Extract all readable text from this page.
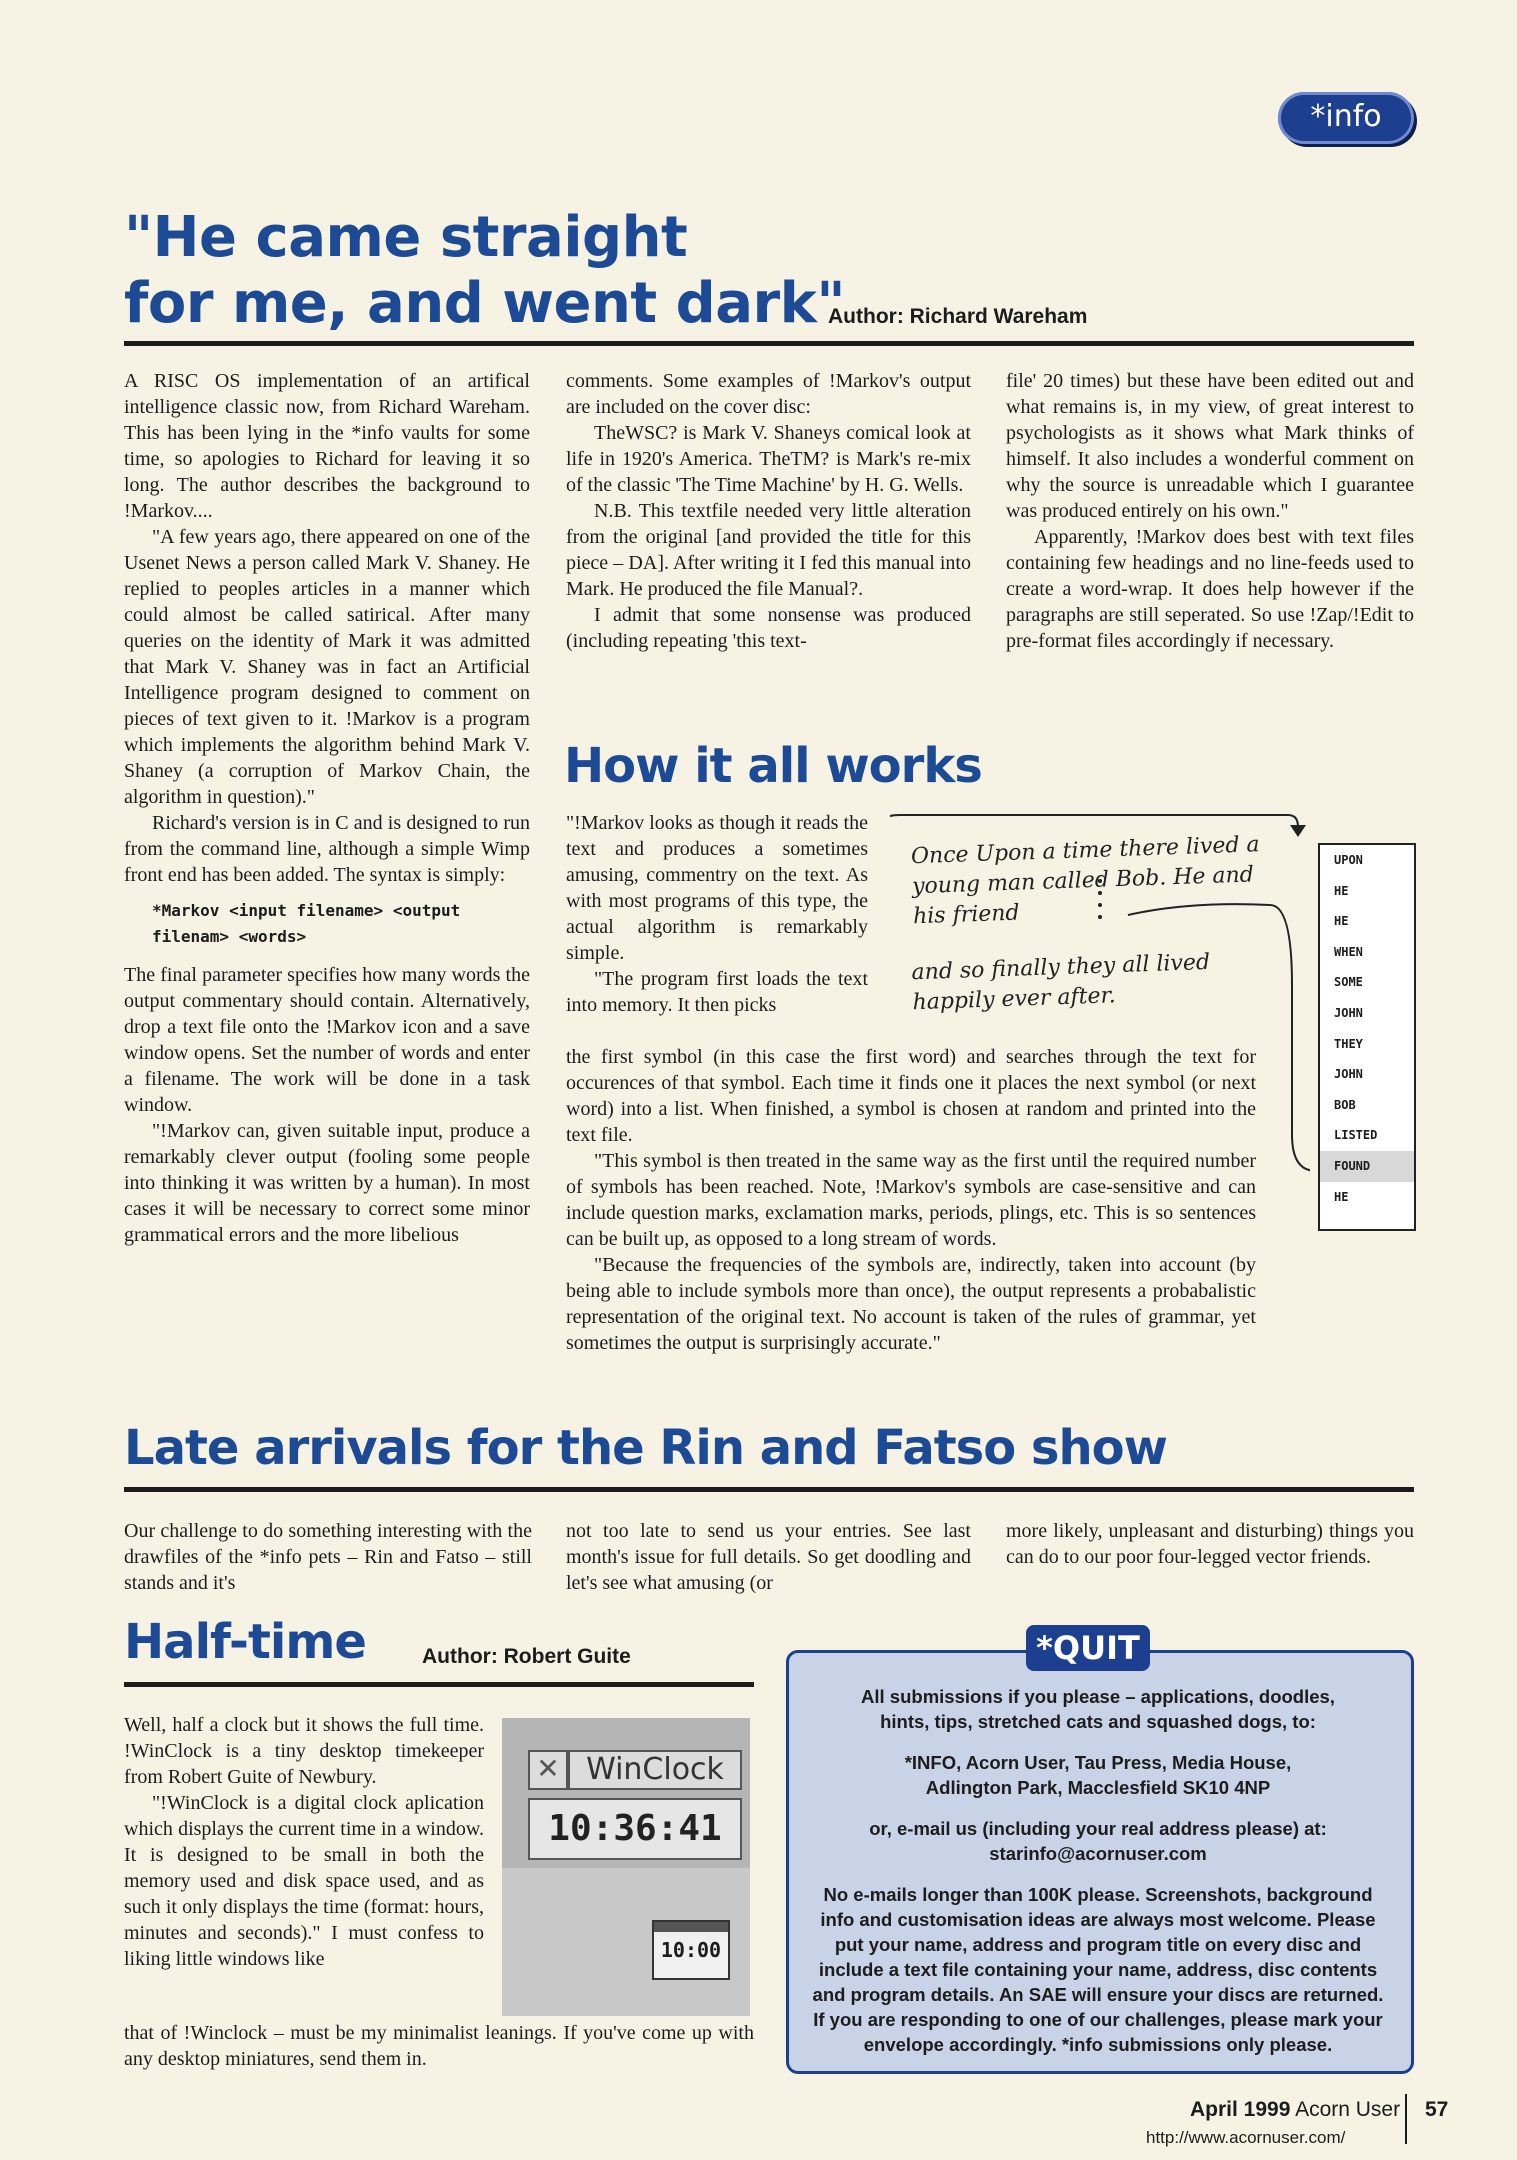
*info
"He came straight
for me, and went dark"
Author: Richard Wareham

A RISC OS implementation of an artifical intelligence classic now, from Richard Wareham. This has been lying in the *info vaults for some time, so apologies to Richard for leaving it so long. The author describes the background to !Markov....

"A few years ago, there appeared on one of the Usenet News a person called Mark V. Shaney. He replied to peoples articles in a manner which could almost be called satirical. After many queries on the identity of Mark it was admitted that Mark V. Shaney was in fact an Artificial Intelligence program designed to comment on pieces of text given to it. !Markov is a program which implements the algorithm behind Mark V. Shaney (a corruption of Markov Chain, the algorithm in question)."

Richard's version is in C and is designed to run from the command line, although a simple Wimp front end has been added. The syntax is simply:

*Markov <input filename> <output
filenam> <words>

The final parameter specifies how many words the output commentary should contain. Alternatively, drop a text file onto the !Markov icon and a save window opens. Set the number of words and enter a filename. The work will be done in a task window.

"!Markov can, given suitable input, produce a remarkably clever output (fooling some people into thinking it was written by a human). In most cases it will be necessary to correct some minor grammatical errors and the more libelious

comments. Some examples of !Markov's output are included on the cover disc:

TheWSC? is Mark V. Shaneys comical look at life in 1920's America. TheTM? is Mark's re-mix of the classic 'The Time Machine' by H. G. Wells.

N.B. This textfile needed very little alteration from the original [and provided the title for this piece – DA]. After writing it I fed this manual into Mark. He produced the file Manual?.

I admit that some nonsense was produced (including repeating 'this text-

file' 20 times) but these have been edited out and what remains is, in my view, of great interest to psychologists as it shows what Mark thinks of himself. It also includes a wonderful comment on why the source is unreadable which I guarantee was produced entirely on his own."

Apparently, !Markov does best with text files containing few headings and no line-feeds used to create a word-wrap. It does help however if the paragraphs are still seperated. So use !Zap/!Edit to pre-format files accordingly if necessary.

How it all works

"!Markov looks as though it reads the text and produces a sometimes amusing, commentry on the text. As with most programs of this type, the actual algorithm is remarkably simple.

"The program first loads the text into memory. It then picks

the first symbol (in this case the first word) and searches through the text for occurences of that symbol. Each time it finds one it places the next symbol (or next word) into a list. When finished, a symbol is chosen at random and printed into the text file.

"This symbol is then treated in the same way as the first until the required number of symbols has been reached. Note, !Markov's symbols are case-sensitive and can include question marks, exclamation marks, periods, plings, etc. This is so sentences can be built up, as opposed to a long stream of words.

"Because the frequencies of the symbols are, indirectly, taken into account (by being able to include symbols more than once), the output represents a probabalistic representation of the original text. No account is taken of the rules of grammar, yet sometimes the output is surprisingly accurate."

Once Upon a time there lived a young man called Bob. He and his friend
and so finally they all lived happily ever after.
UPON
HE
HE
WHEN
SOME
JOHN
THEY
JOHN
BOB
LISTED
FOUND
HE
Late arrivals for the Rin and Fatso show

Our challenge to do something interesting with the drawfiles of the *info pets – Rin and Fatso – still stands and it's

not too late to send us your entries. See last month's issue for full details. So get doodling and let's see what amusing (or

more likely, unpleasant and disturbing) things you can do to our poor four-legged vector friends.

Half-time	Author: Robert Guite

Well, half a clock but it shows the full time. !WinClock is a tiny desktop timekeeper from Robert Guite of Newbury.

"!WinClock is a digital clock aplication which displays the current time in a window. It is designed to be small in both the memory used and disk space used, and as such it only displays the time (format: hours, minutes and seconds)." I must confess to liking little windows like

that of !Winclock – must be my minimalist leanings. If you've come up with any desktop miniatures, send them in.

✕ WinClock
10:36:41
10:00
*QUIT
All submissions if you please – applications, doodles,
hints, tips, stretched cats and squashed dogs, to:
*INFO, Acorn User, Tau Press, Media House,
Adlington Park, Macclesfield SK10 4NP
or, e-mail us (including your real address please) at:
starinfo@acornuser.com
No e-mails longer than 100K please. Screenshots, background
info and customisation ideas are always most welcome. Please
put your name, address and program title on every disc and
include a text file containing your name, address, disc contents
and program details. An SAE will ensure your discs are returned.
If you are responding to one of our challenges, please mark your
envelope accordingly. *info submissions only please.
April 1999 Acorn User 57
http://www.acornuser.com/
